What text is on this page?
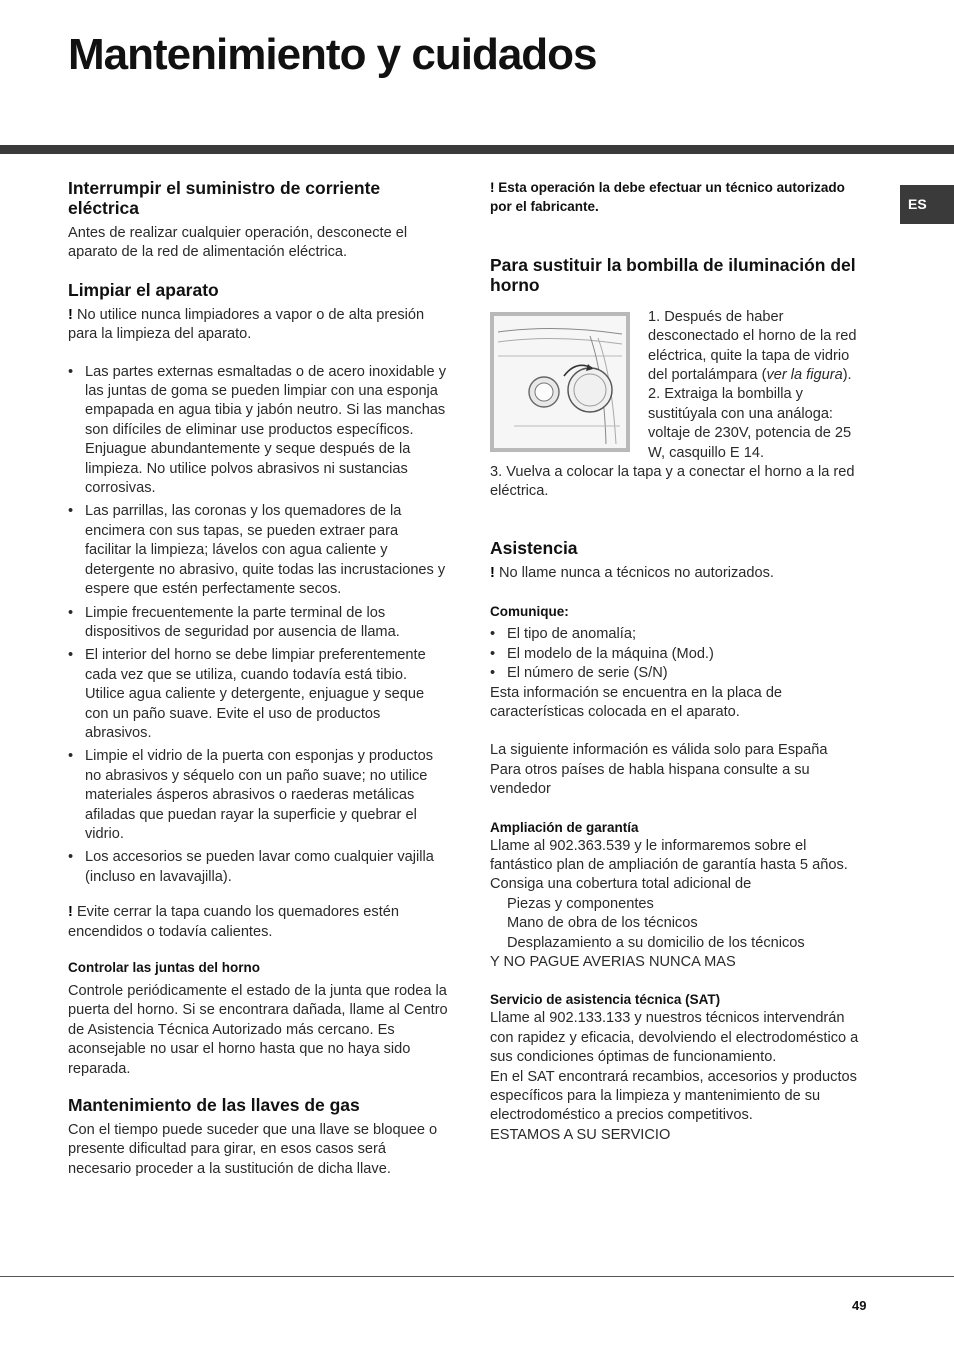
Mantenimiento y cuidados
ES
Interrumpir el suministro de corriente eléctrica

Antes de realizar cualquier operación, desconecte el aparato de la red de alimentación eléctrica.

Limpiar el aparato

! No utilice nunca limpiadores a vapor o de alta presión para la limpieza del aparato.

• Las partes externas esmaltadas o de acero inoxidable y las juntas de goma se pueden limpiar con una esponja empapada en agua tibia y jabón neutro. Si las manchas son difíciles de eliminar use productos específicos. Enjuague abundantemente y seque después de la limpieza. No utilice polvos abrasivos ni sustancias corrosivas.
• Las parrillas, las coronas y los quemadores de la encimera con sus tapas, se pueden extraer para facilitar la limpieza; lávelos con agua caliente y detergente no abrasivo, quite todas las incrustaciones y espere que estén perfectamente secos.
• Limpie frecuentemente la parte terminal de los dispositivos de seguridad por ausencia de llama.
• El interior del horno se debe limpiar preferentemente cada vez que se utiliza, cuando todavía está tibio. Utilice agua caliente y detergente, enjuague y seque con un paño suave. Evite el uso de productos abrasivos.
• Limpie el vidrio de la puerta con esponjas y productos no abrasivos y séquelo con un paño suave; no utilice materiales ásperos abrasivos o raederas metálicas afiladas que puedan rayar la superficie y quebrar el vidrio.
• Los accesorios se pueden lavar como cualquier vajilla (incluso en lavavajilla).

! Evite cerrar la tapa cuando los quemadores estén encendidos o todavía calientes.

Controlar las juntas del horno

Controle periódicamente el estado de la junta que rodea la puerta del horno. Si se encontrara dañada, llame al Centro de Asistencia Técnica Autorizado más cercano. Es aconsejable no usar el horno hasta que no haya sido reparada.

Mantenimiento de las llaves de gas

Con el tiempo puede suceder que una llave se bloquee o presente dificultad para girar, en esos casos será necesario proceder a la sustitución de dicha llave.

! Esta operación la debe efectuar un técnico autorizado por el fabricante.

Para sustituir la bombilla de iluminación del horno

1. Después de haber desconectado el horno de la red eléctrica, quite la tapa de vidrio del portalámpara (ver la figura).

2. Extraiga la bombilla y sustitúyala con una análoga: voltaje de 230V, potencia de 25 W, casquillo E 14.

3. Vuelva a colocar la tapa y a conectar el horno a la red eléctrica.

Asistencia

! No llame nunca a técnicos no autorizados.

Comunique:
• El tipo de anomalía;
• El modelo de la máquina (Mod.)
• El número de serie (S/N)

Esta información se encuentra en la placa de características colocada en el aparato.

La siguiente información es válida solo para España

Para otros países de habla hispana consulte a su vendedor

Ampliación de garantía

Llame al 902.363.539 y le informaremos sobre el fantástico plan de ampliación de garantía hasta 5 años.

Consiga una cobertura total adicional de

Piezas y componentes

Mano de obra de los técnicos

Desplazamiento a su domicilio de los técnicos

Y NO PAGUE AVERIAS NUNCA MAS

Servicio de asistencia técnica (SAT)

Llame al 902.133.133 y nuestros técnicos intervendrán con rapidez y eficacia, devolviendo el electrodoméstico a sus condiciones óptimas de funcionamiento.

En el SAT encontrará recambios, accesorios y productos específicos para la limpieza y mantenimiento de su electrodoméstico a precios competitivos.

ESTAMOS A SU SERVICIO

49
